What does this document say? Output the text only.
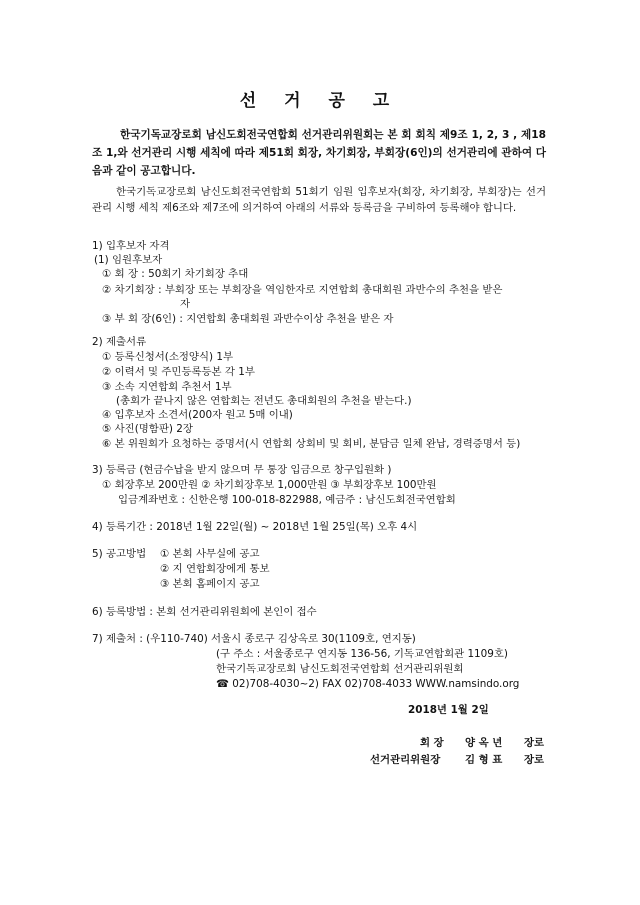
선 거 공 고
한국기독교장로회 남신도회전국연합회 선거관리위원회는 본 회 회칙 제9조 1, 2, 3 , 제18조 1,와 선거관리 시행 세칙에 따라 제51회 회장, 차기회장, 부회장(6인)의 선거관리에 관하여 다음과 같이 공고합니다.
한국기독교장로회 남신도회전국연합회 51회기 임원 입후보자(회장, 차기회장, 부회장)는 선거관리 시행 세칙 제6조와 제7조에 의거하여 아래의 서류와 등록금을 구비하여 등록해야 합니다.
1) 입후보자 자격
(1) 임원후보자
① 회 장 : 50회기 차기회장 추대
② 차기회장 : 부회장 또는 부회장을 역임한자로 지연합회 총대회원 과반수의 추천을 받은
자
③ 부 회 장(6인) : 지연합회 총대회원 과반수이상 추천을 받은 자
2) 제출서류
① 등록신청서(소정양식) 1부
② 이력서 및 주민등록등본 각 1부
③ 소속 지연합회 추천서 1부
(총회가 끝나지 않은 연합회는 전년도 총대회원의 추천을 받는다.)
④ 입후보자 소견서(200자 원고 5매 이내)
⑤ 사진(명함판) 2장
⑥ 본 위원회가 요청하는 증명서(시 연합회 상회비 및 회비, 분담금 일체 완납, 경력증명서 등)
3) 등록금 (현금수납을 받지 않으며 무 통장 입금으로 창구입원화 )
① 회장후보 200만원 ② 차기회장후보 1,000만원 ③ 부회장후보 100만원
입금계좌번호 : 신한은행 100-018-822988, 예금주 : 남신도회전국연합회
4) 등록기간 : 2018년 1월 22일(월) ~ 2018년 1월 25일(목) 오후 4시
5) 공고방법 ① 본회 사무실에 공고
② 지 연합회장에게 통보
③ 본회 홈페이지 공고
6) 등록방법 : 본회 선거관리위원회에 본인이 접수
7) 제출처 : (우110-740) 서울시 종로구 김상옥로 30(1109호, 연지동)
(구 주소 : 서울종로구 연지동 136-56, 기독교연합회관 1109호)
한국기독교장로회 남신도회전국연합회 선거관리위원회
☎ 02)708-4030~2) FAX 02)708-4033 WWW.namsindo.org
2018년 1월 2일
회 장 양 옥 년 장로
선거관리위원장 김 형 표 장로
